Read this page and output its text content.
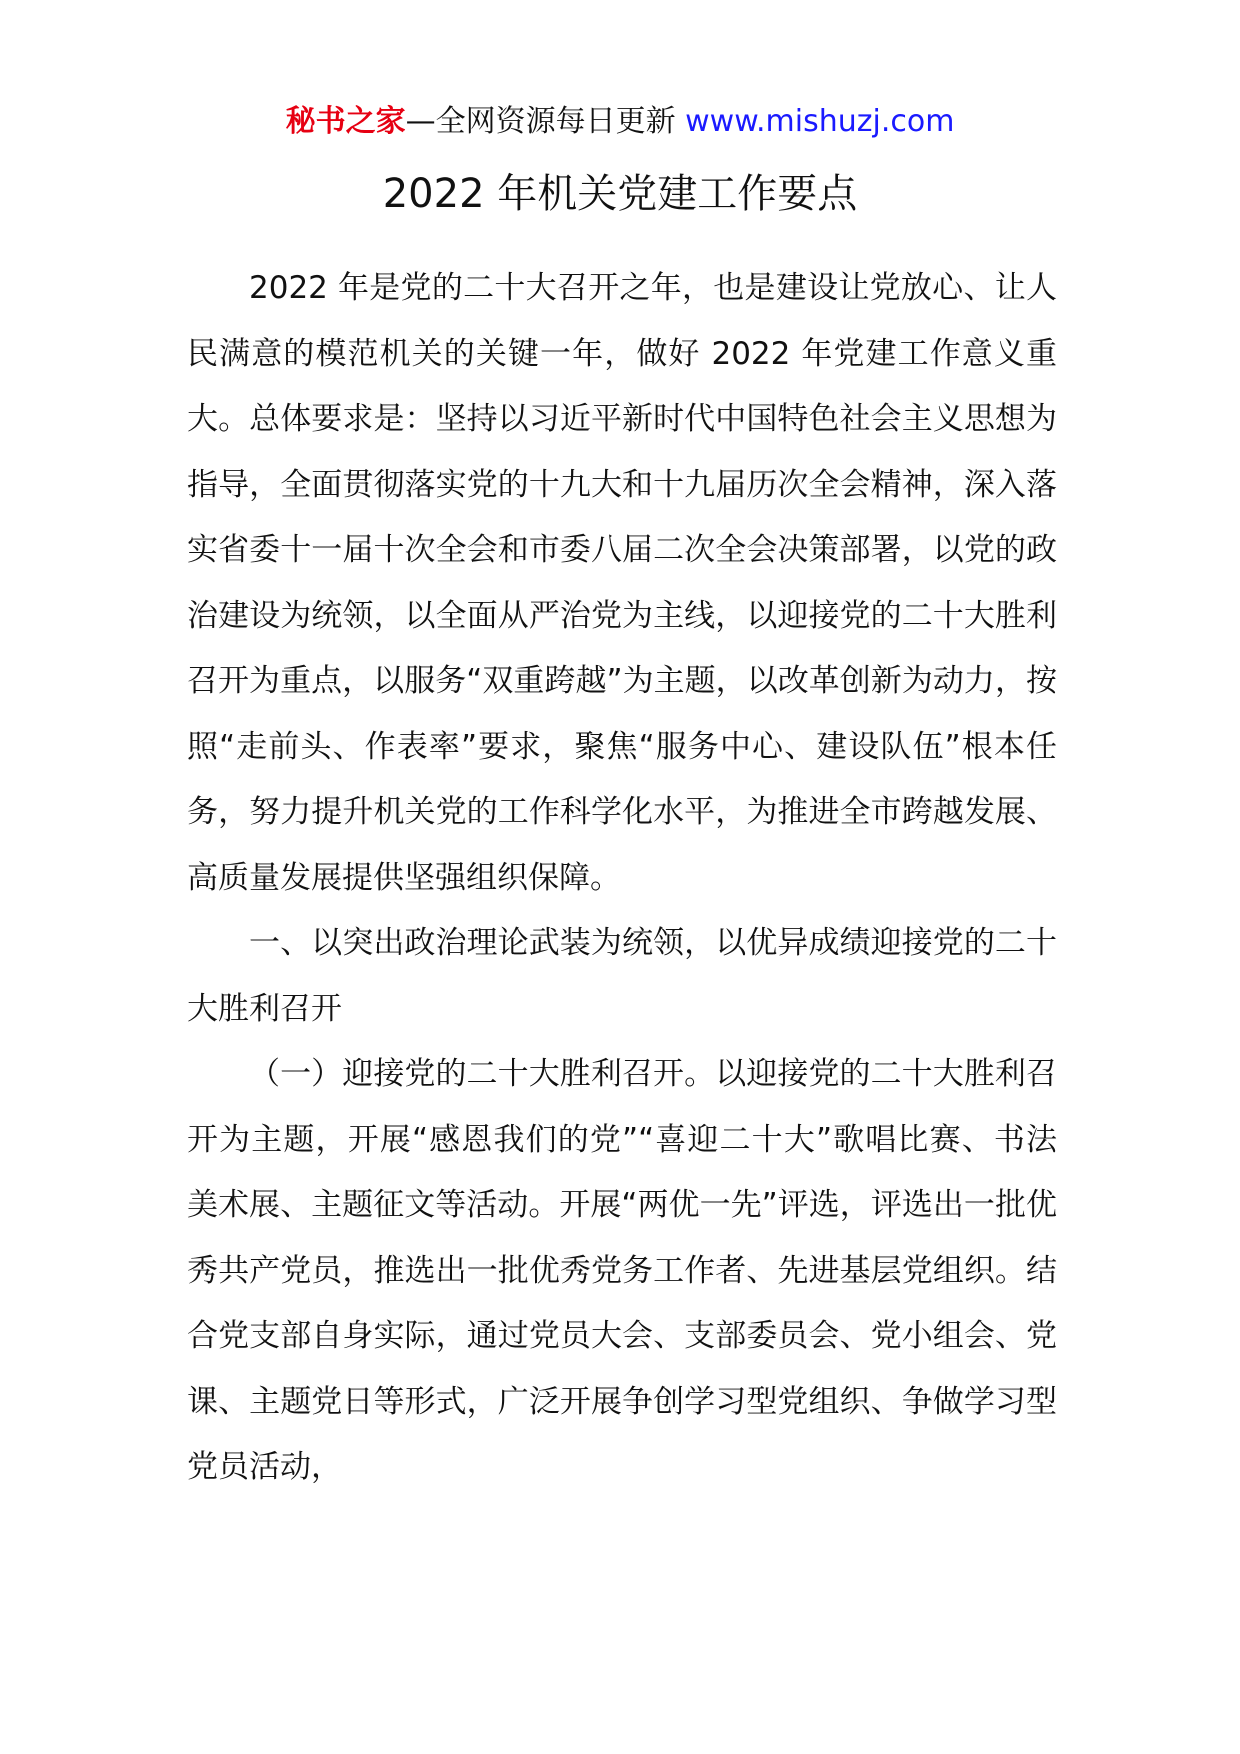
秘书之家—全网资源每日更新 www.mishuzj.com
2022 年机关党建工作要点

2022 年是党的二十大召开之年，也是建设让党放心、让人民满意的模范机关的关键一年，做好 2022 年党建工作意义重大。总体要求是：坚持以习近平新时代中国特色社会主义思想为指导，全面贯彻落实党的十九大和十九届历次全会精神，深入落实省委十一届十次全会和市委八届二次全会决策部署，以党的政治建设为统领，以全面从严治党为主线，以迎接党的二十大胜利召开为重点，以服务“双重跨越”为主题，以改革创新为动力，按照“走前头、作表率”要求，聚焦“服务中心、建设队伍”根本任务，努力提升机关党的工作科学化水平，为推进全市跨越发展、高质量发展提供坚强组织保障。

一、以突出政治理论武装为统领，以优异成绩迎接党的二十大胜利召开

（一）迎接党的二十大胜利召开。以迎接党的二十大胜利召开为主题，开展“感恩我们的党”“喜迎二十大”歌唱比赛、书法美术展、主题征文等活动。开展“两优一先”评选，评选出一批优秀共产党员，推选出一批优秀党务工作者、先进基层党组织。结合党支部自身实际，通过党员大会、支部委员会、党小组会、党课、主题党日等形式，广泛开展争创学习型党组织、争做学习型党员活动，
